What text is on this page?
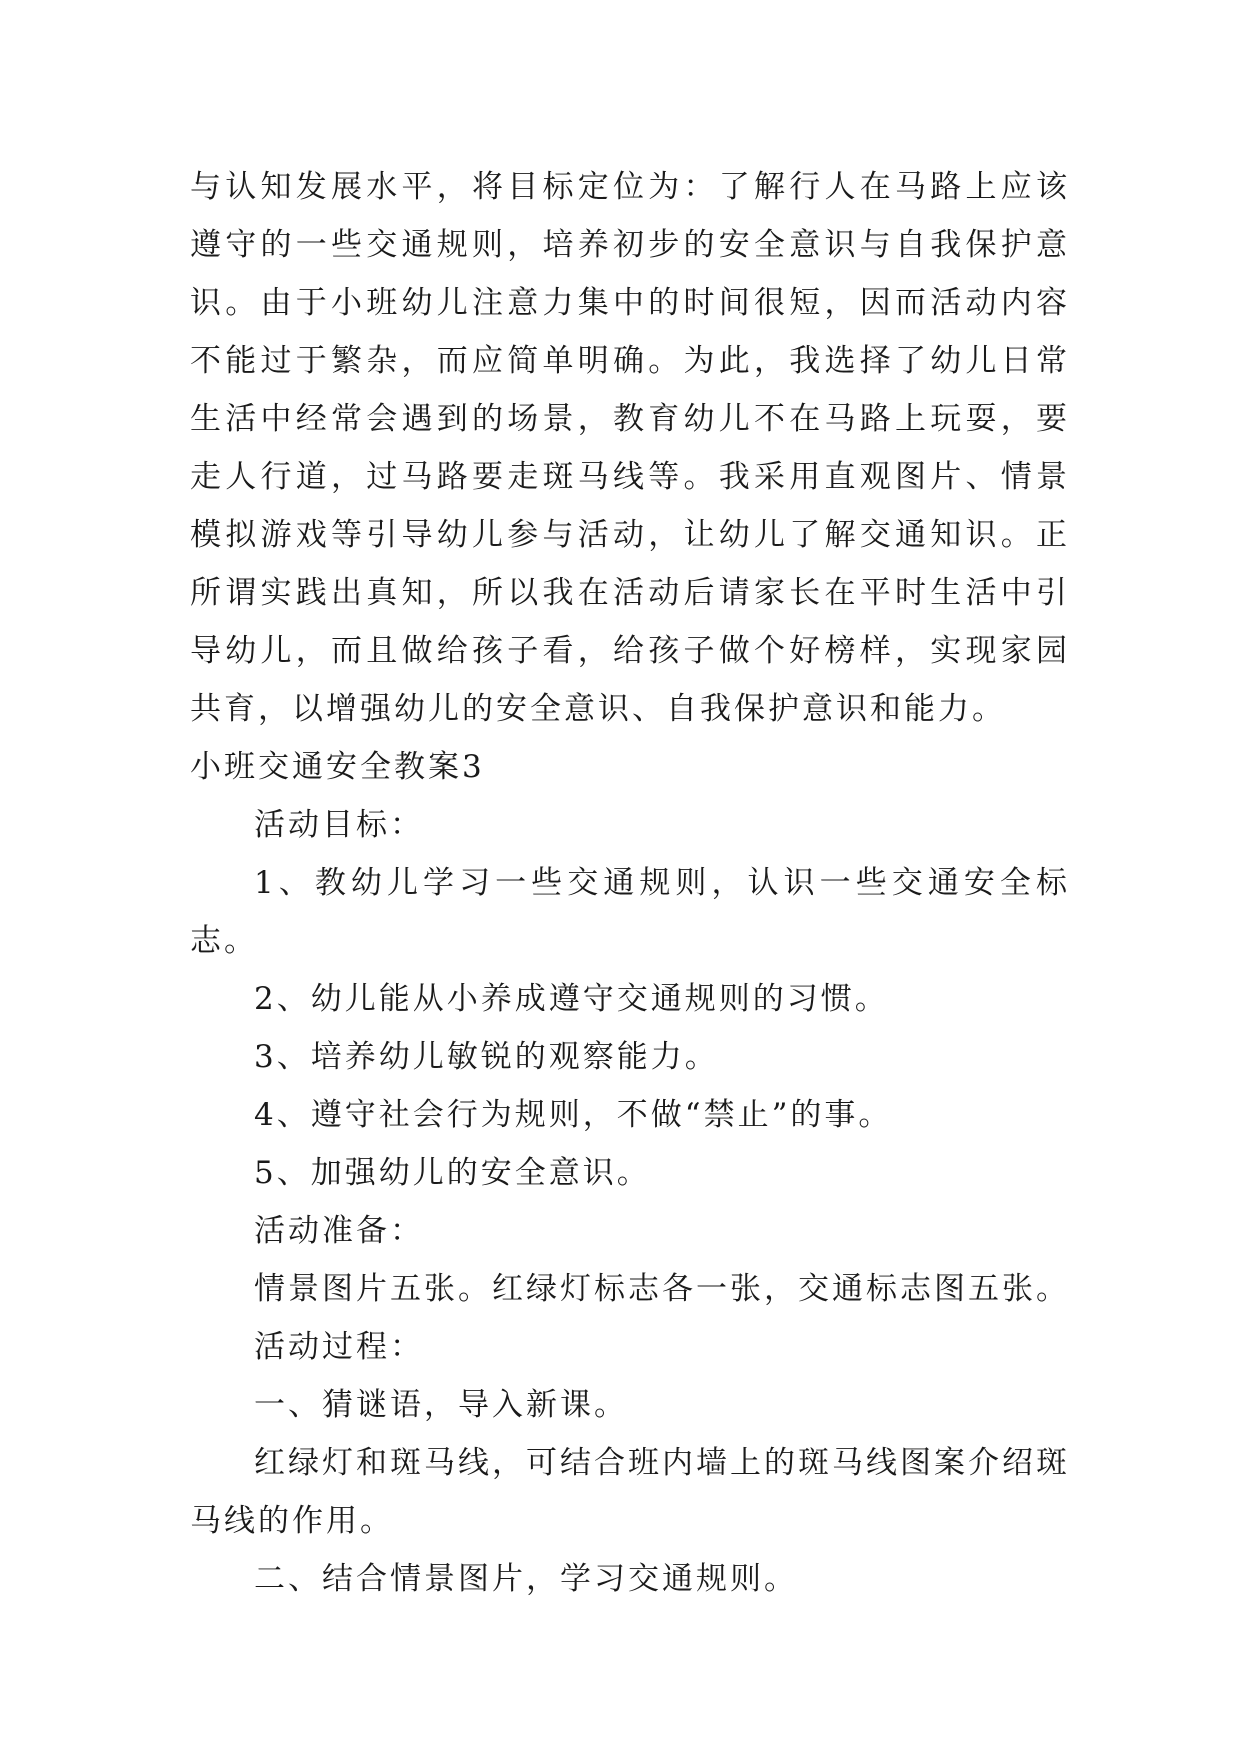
与认知发展水平，将目标定位为：了解行人在马路上应该遵守的一些交通规则，培养初步的安全意识与自我保护意识。由于小班幼儿注意力集中的时间很短，因而活动内容不能过于繁杂，而应简单明确。为此，我选择了幼儿日常生活中经常会遇到的场景，教育幼儿不在马路上玩耍，要走人行道，过马路要走斑马线等。我采用直观图片、情景模拟游戏等引导幼儿参与活动，让幼儿了解交通知识。正所谓实践出真知，所以我在活动后请家长在平时生活中引导幼儿，而且做给孩子看，给孩子做个好榜样，实现家园共育，以增强幼儿的安全意识、自我保护意识和能力。

小班交通安全教案3

活动目标：

1、教幼儿学习一些交通规则，认识一些交通安全标志。

2、幼儿能从小养成遵守交通规则的习惯。

3、培养幼儿敏锐的观察能力。

4、遵守社会行为规则，不做“禁止”的事。

5、加强幼儿的安全意识。

活动准备：

情景图片五张。红绿灯标志各一张，交通标志图五张。

活动过程：

一、猜谜语，导入新课。

红绿灯和斑马线，可结合班内墙上的斑马线图案介绍斑马线的作用。

二、结合情景图片，学习交通规则。
